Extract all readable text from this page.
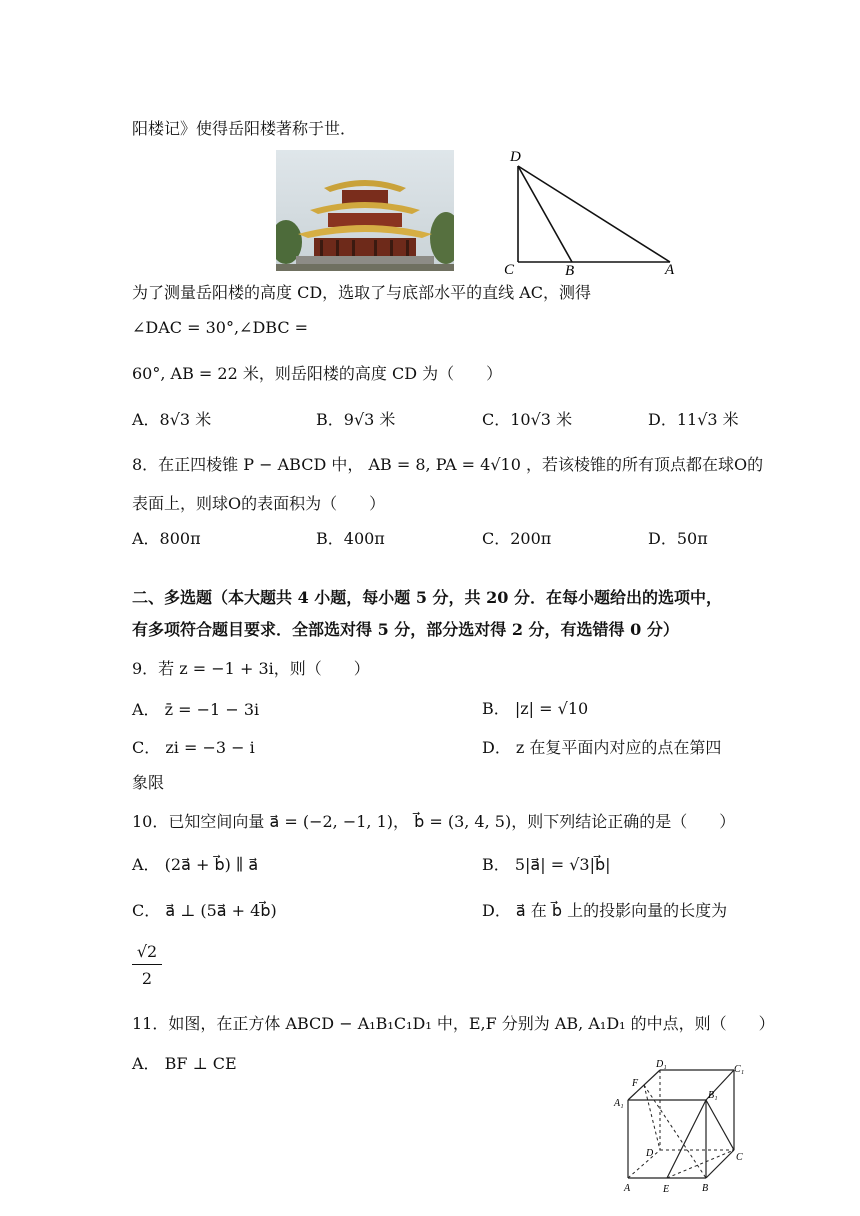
阳楼记》使得岳阳楼著称于世．
D
C	B	A
为了测量岳阳楼的高度 CD，选取了与底部水平的直线 AC，测得
∠DAC = 30°,∠DBC =
60°, AB = 22 米，则岳阳楼的高度 CD 为（　　）
A．8√3 米	B．9√3 米	C．10√3 米	D．11√3 米
8．在正四棱锥 P − ABCD 中， AB = 8, PA = 4√10 ，若该棱锥的所有顶点都在球O的
表面上，则球O的表面积为（　　）
A．800π	B．400π	C．200π	D．50π
二、多选题（本大题共 4 小题，每小题 5 分，共 20 分．在每小题给出的选项中，
有多项符合题目要求．全部选对得 5 分，部分选对得 2 分，有选错得 0 分）
9．若 z = −1 + 3i，则（　　）
A． z̄ = −1 − 3i	B． |z| = √10
C． zi = −3 − i	D． z 在复平面内对应的点在第四
象限
10．已知空间向量 a⃗ = (−2, −1, 1)， b⃗ = (3, 4, 5)，则下列结论正确的是（　　）
A． (2a⃗ + b⃗) ∥ a⃗	B． 5|a⃗| = √3|b⃗|
C． a⃗ ⊥ (5a⃗ + 4b⃗)	D． a⃗ 在 b⃗ 上的投影向量的长度为
$\frac{√2}{2}$
11．如图，在正方体 ABCD − A₁B₁C₁D₁ 中，E,F 分别为 AB, A₁D₁ 的中点，则（　　）
A． BF ⊥ CE	D₁	C₁
F
A₁
B₁
D	C
A	E	B
